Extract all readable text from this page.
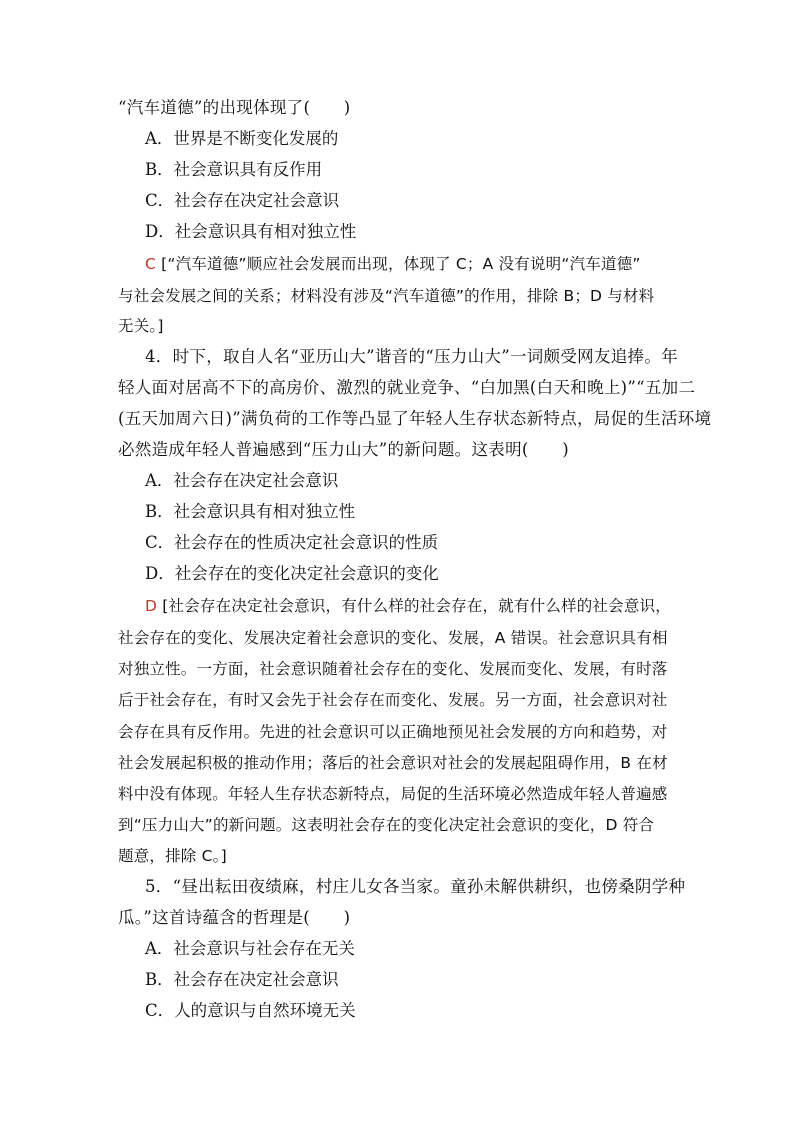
“汽车道德”的出现体现了(　　)
A．世界是不断变化发展的
B．社会意识具有反作用
C．社会存在决定社会意识
D．社会意识具有相对独立性
C [“汽车道德”顺应社会发展而出现，体现了 C；A 没有说明“汽车道德”
与社会发展之间的关系；材料没有涉及“汽车道德”的作用，排除 B；D 与材料
无关。]
4．时下，取自人名“亚历山大”谐音的“压力山大”一词颇受网友追捧。年
轻人面对居高不下的高房价、激烈的就业竞争、“白加黑(白天和晚上)”“五加二
(五天加周六日)”满负荷的工作等凸显了年轻人生存状态新特点，局促的生活环境
必然造成年轻人普遍感到“压力山大”的新问题。这表明(　　)
A．社会存在决定社会意识
B．社会意识具有相对独立性
C．社会存在的性质决定社会意识的性质
D．社会存在的变化决定社会意识的变化
D [社会存在决定社会意识，有什么样的社会存在，就有什么样的社会意识，
社会存在的变化、发展决定着社会意识的变化、发展，A 错误。社会意识具有相
对独立性。一方面，社会意识随着社会存在的变化、发展而变化、发展，有时落
后于社会存在，有时又会先于社会存在而变化、发展。另一方面，社会意识对社
会存在具有反作用。先进的社会意识可以正确地预见社会发展的方向和趋势，对
社会发展起积极的推动作用；落后的社会意识对社会的发展起阻碍作用，B 在材
料中没有体现。年轻人生存状态新特点，局促的生活环境必然造成年轻人普遍感
到“压力山大”的新问题。这表明社会存在的变化决定社会意识的变化，D 符合
题意，排除 C。]
5．“昼出耘田夜绩麻，村庄儿女各当家。童孙未解供耕织，也傍桑阴学种
瓜。”这首诗蕴含的哲理是(　　)
A．社会意识与社会存在无关
B．社会存在决定社会意识
C．人的意识与自然环境无关
